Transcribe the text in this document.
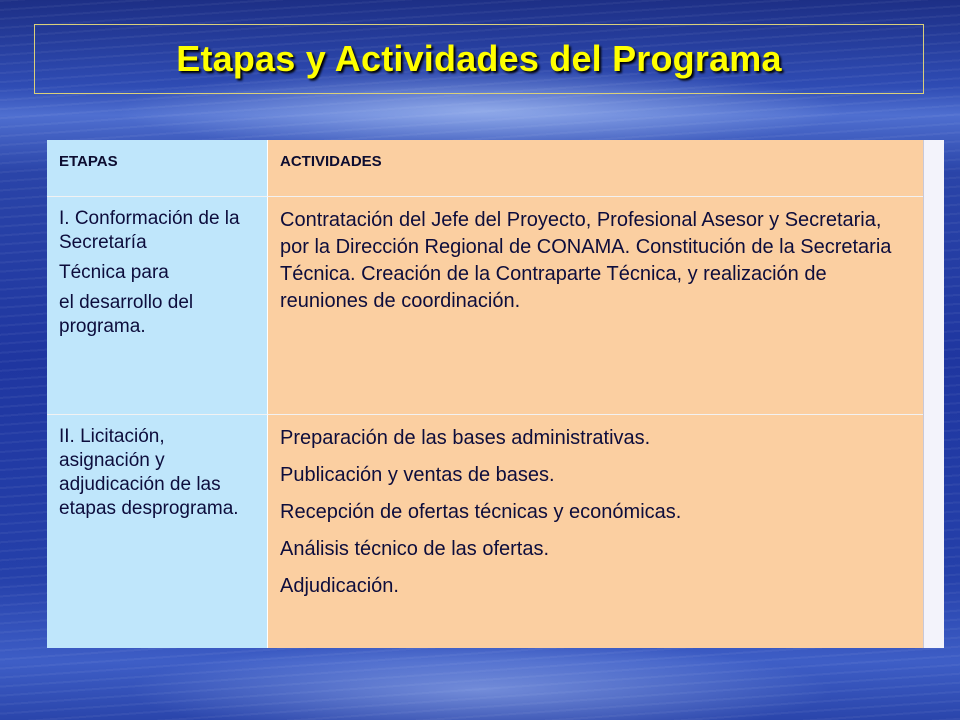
Etapas y Actividades del Programa
ETAPAS	ACTIVIDADES

I. Conformación de la Secretaría

Técnica para

el desarrollo del programa.

Contratación del Jefe del Proyecto, Profesional Asesor y Secretaria, por la Dirección Regional de CONAMA. Constitución de la Secretaria Técnica. Creación de la Contraparte Técnica, y realización de reuniones de coordinación.

II. Licitación, asignación y adjudicación de las etapas desprograma.

Preparación de las bases administrativas.
Publicación y ventas de bases.
Recepción de ofertas técnicas y económicas.
Análisis técnico de las ofertas.
Adjudicación.
